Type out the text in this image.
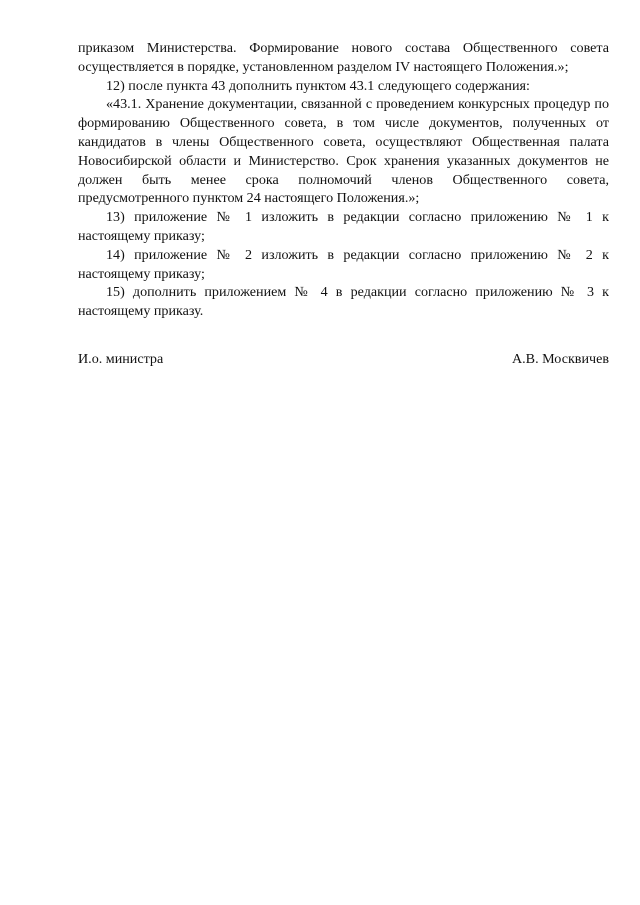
приказом Министерства. Формирование нового состава Общественного совета осуществляется в порядке, установленном разделом IV настоящего Положения.»;

12) после пункта 43 дополнить пунктом 43.1 следующего содержания:

«43.1. Хранение документации, связанной с проведением конкурсных процедур по формированию Общественного совета, в том числе документов, полученных от кандидатов в члены Общественного совета, осуществляют Общественная палата Новосибирской области и Министерство. Срок хранения указанных документов не должен быть менее срока полномочий членов Общественного совета, предусмотренного пунктом 24 настоящего Положения.»;

13) приложение № 1 изложить в редакции согласно приложению № 1 к настоящему приказу;

14) приложение № 2 изложить в редакции согласно приложению № 2 к настоящему приказу;

15) дополнить приложением № 4 в редакции согласно приложению № 3 к настоящему приказу.

И.о. министра	А.В. Москвичев
